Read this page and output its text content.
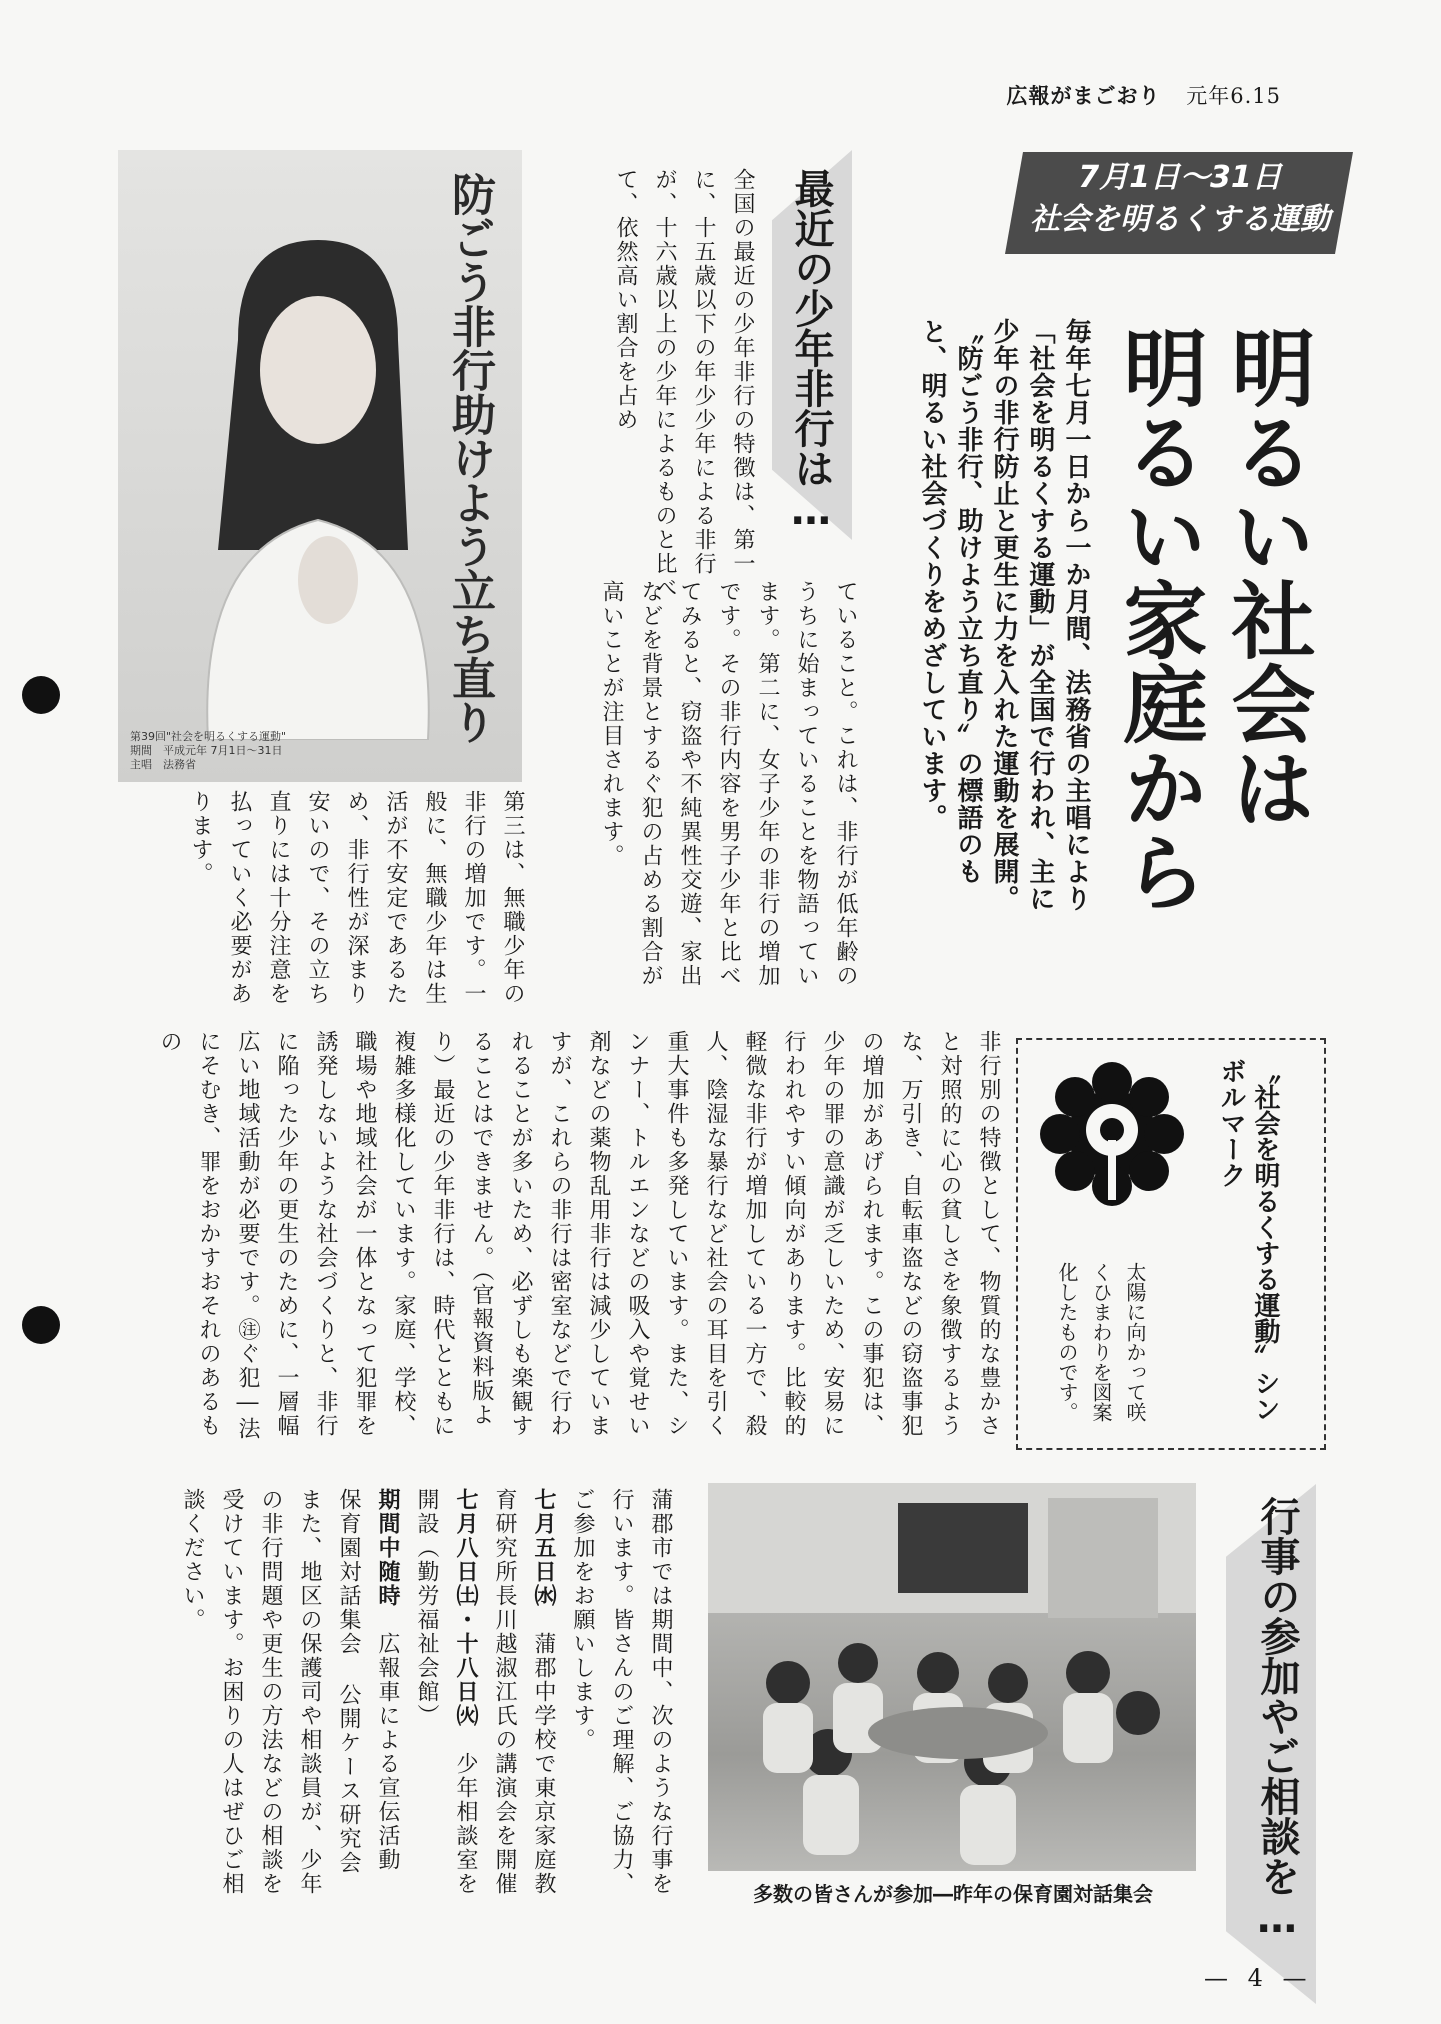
広報がまごおり 元年6.15
防ごう非行助けよう立ち直り
第39回"社会を明るくする運動"
期間　平成元年 7月1日〜31日
主唱　法務省
7月1日〜31日
社会を明るくする運動
明るい社会は
明るい家庭から
毎年七月一日から一か月間、法務省の主唱により「社会を明るくする運動」が全国で行われ、主に少年の非行防止と更生に力を入れた運動を展開。〝防ごう非行、助けよう立ち直り〟の標語のもと、明るい社会づくりをめざしています。
最近の少年非行は…
全国の最近の少年非行の特徴は、第一に、十五歳以下の年少少年による非行が、十六歳以上の少年によるものと比べて、依然高い割合を占め
ていること。これは、非行が低年齢のうちに始まっていることを物語っています。第二に、女子少年の非行の増加です。その非行内容を男子少年と比べてみると、窃盗や不純異性交遊、家出などを背景とするぐ犯の占める割合が高いことが注目されます。
第三は、無職少年の非行の増加です。一般に、無職少年は生活が不安定であるため、非行性が深まり安いので、その立ち直りには十分注意を払っていく必要があります。
〝社会を明るくする運動〟シンボルマーク
太陽に向かって咲くひまわりを図案化したものです。
非行別の特徴として、物質的な豊かさと対照的に心の貧しさを象徴するような、万引き、自転車盗などの窃盗事犯の増加があげられます。この事犯は、少年の罪の意識が乏しいため、安易に行われやすい傾向があります。比較的軽微な非行が増加している一方で、殺人、陰湿な暴行など社会の耳目を引く重大事件も多発しています。また、シンナー、トルエンなどの吸入や覚せい剤などの薬物乱用非行は減少していますが、これらの非行は密室などで行われることが多いため、必ずしも楽観することはできません。（官報資料版より）最近の少年非行は、時代とともに複雑多様化しています。家庭、学校、職場や地域社会が一体となって犯罪を誘発しないような社会づくりと、非行に陥った少年の更生のために、一層幅広い地域活動が必要です。㊟ぐ犯―法にそむき、罪をおかすおそれのあるもの
行事の参加やご相談を…
多数の皆さんが参加―昨年の保育園対話集会
蒲郡市では期間中、次のような行事を行います。皆さんのご理解、ご協力、ご参加をお願いします。
七月五日㈬　蒲郡中学校で東京家庭教育研究所長川越淑江氏の講演会を開催
七月八日㈯・十八日㈫　少年相談室を開設（勤労福祉会館）
期間中随時　広報車による宣伝活動 保育園対話集会 公開ケース研究会
また、地区の保護司や相談員が、少年の非行問題や更生の方法などの相談を受けています。お困りの人はぜひご相談ください。
— 4 —
